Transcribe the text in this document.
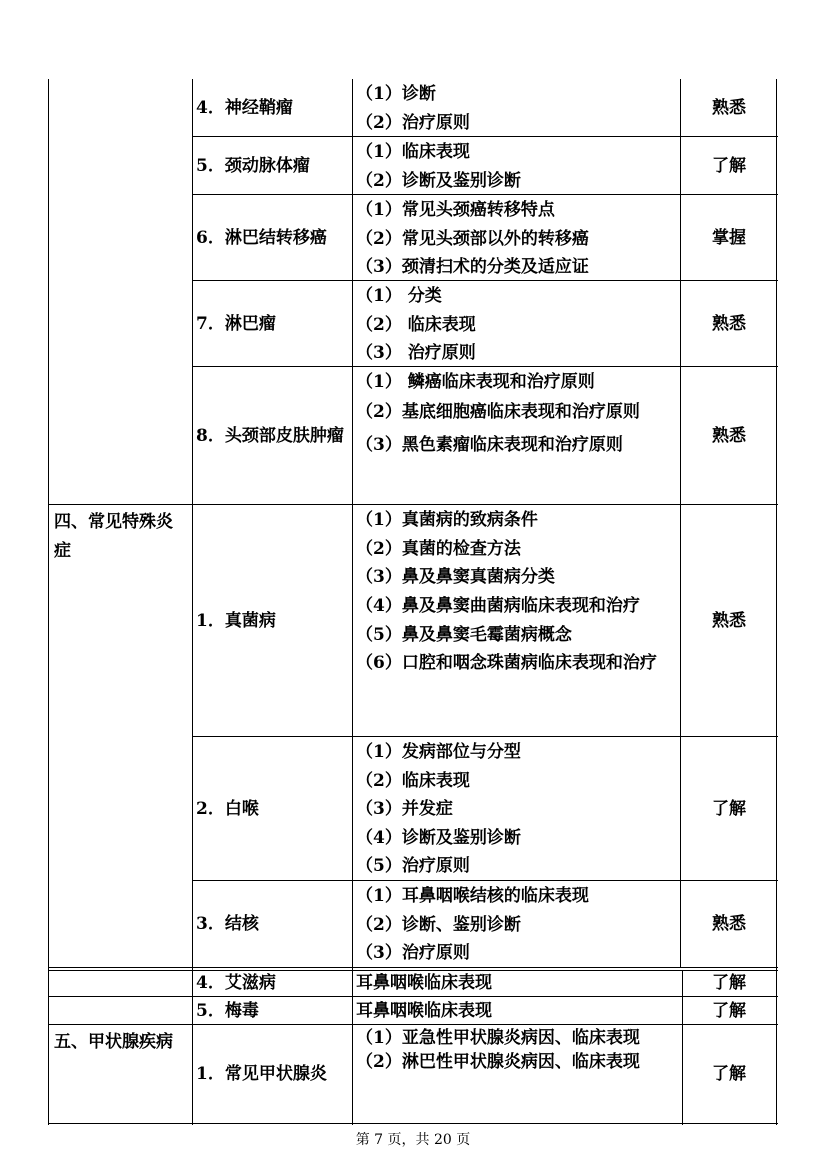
四、常见特殊炎症
五、甲状腺疾病
4．神经鞘瘤
5．颈动脉体瘤
6．淋巴结转移癌
7．淋巴瘤
8．头颈部皮肤肿瘤
1．真菌病
2．白喉
3．结核
4．艾滋病
5．梅毒
1．常见甲状腺炎
（1）诊断
（2）治疗原则
（1）临床表现
（2）诊断及鉴别诊断
（1）常见头颈癌转移特点
（2）常见头颈部以外的转移癌
（3）颈清扫术的分类及适应证
（1） 分类
（2） 临床表现
（3） 治疗原则
（1） 鳞癌临床表现和治疗原则
（2）基底细胞癌临床表现和治疗原则
（3）黑色素瘤临床表现和治疗原则
（1）真菌病的致病条件
（2）真菌的检查方法
（3）鼻及鼻窦真菌病分类
（4）鼻及鼻窦曲菌病临床表现和治疗
（5）鼻及鼻窦毛霉菌病概念
（6）口腔和咽念珠菌病临床表现和治疗
（1）发病部位与分型
（2）临床表现
（3）并发症
（4）诊断及鉴别诊断
（5）治疗原则
（1）耳鼻咽喉结核的临床表现
（2）诊断、鉴别诊断
（3）治疗原则
耳鼻咽喉临床表现
耳鼻咽喉临床表现
（1）亚急性甲状腺炎病因、临床表现
（2）淋巴性甲状腺炎病因、临床表现
熟悉
了解
掌握
熟悉
熟悉
熟悉
了解
熟悉
了解
了解
了解
第 7 页，共 20 页
